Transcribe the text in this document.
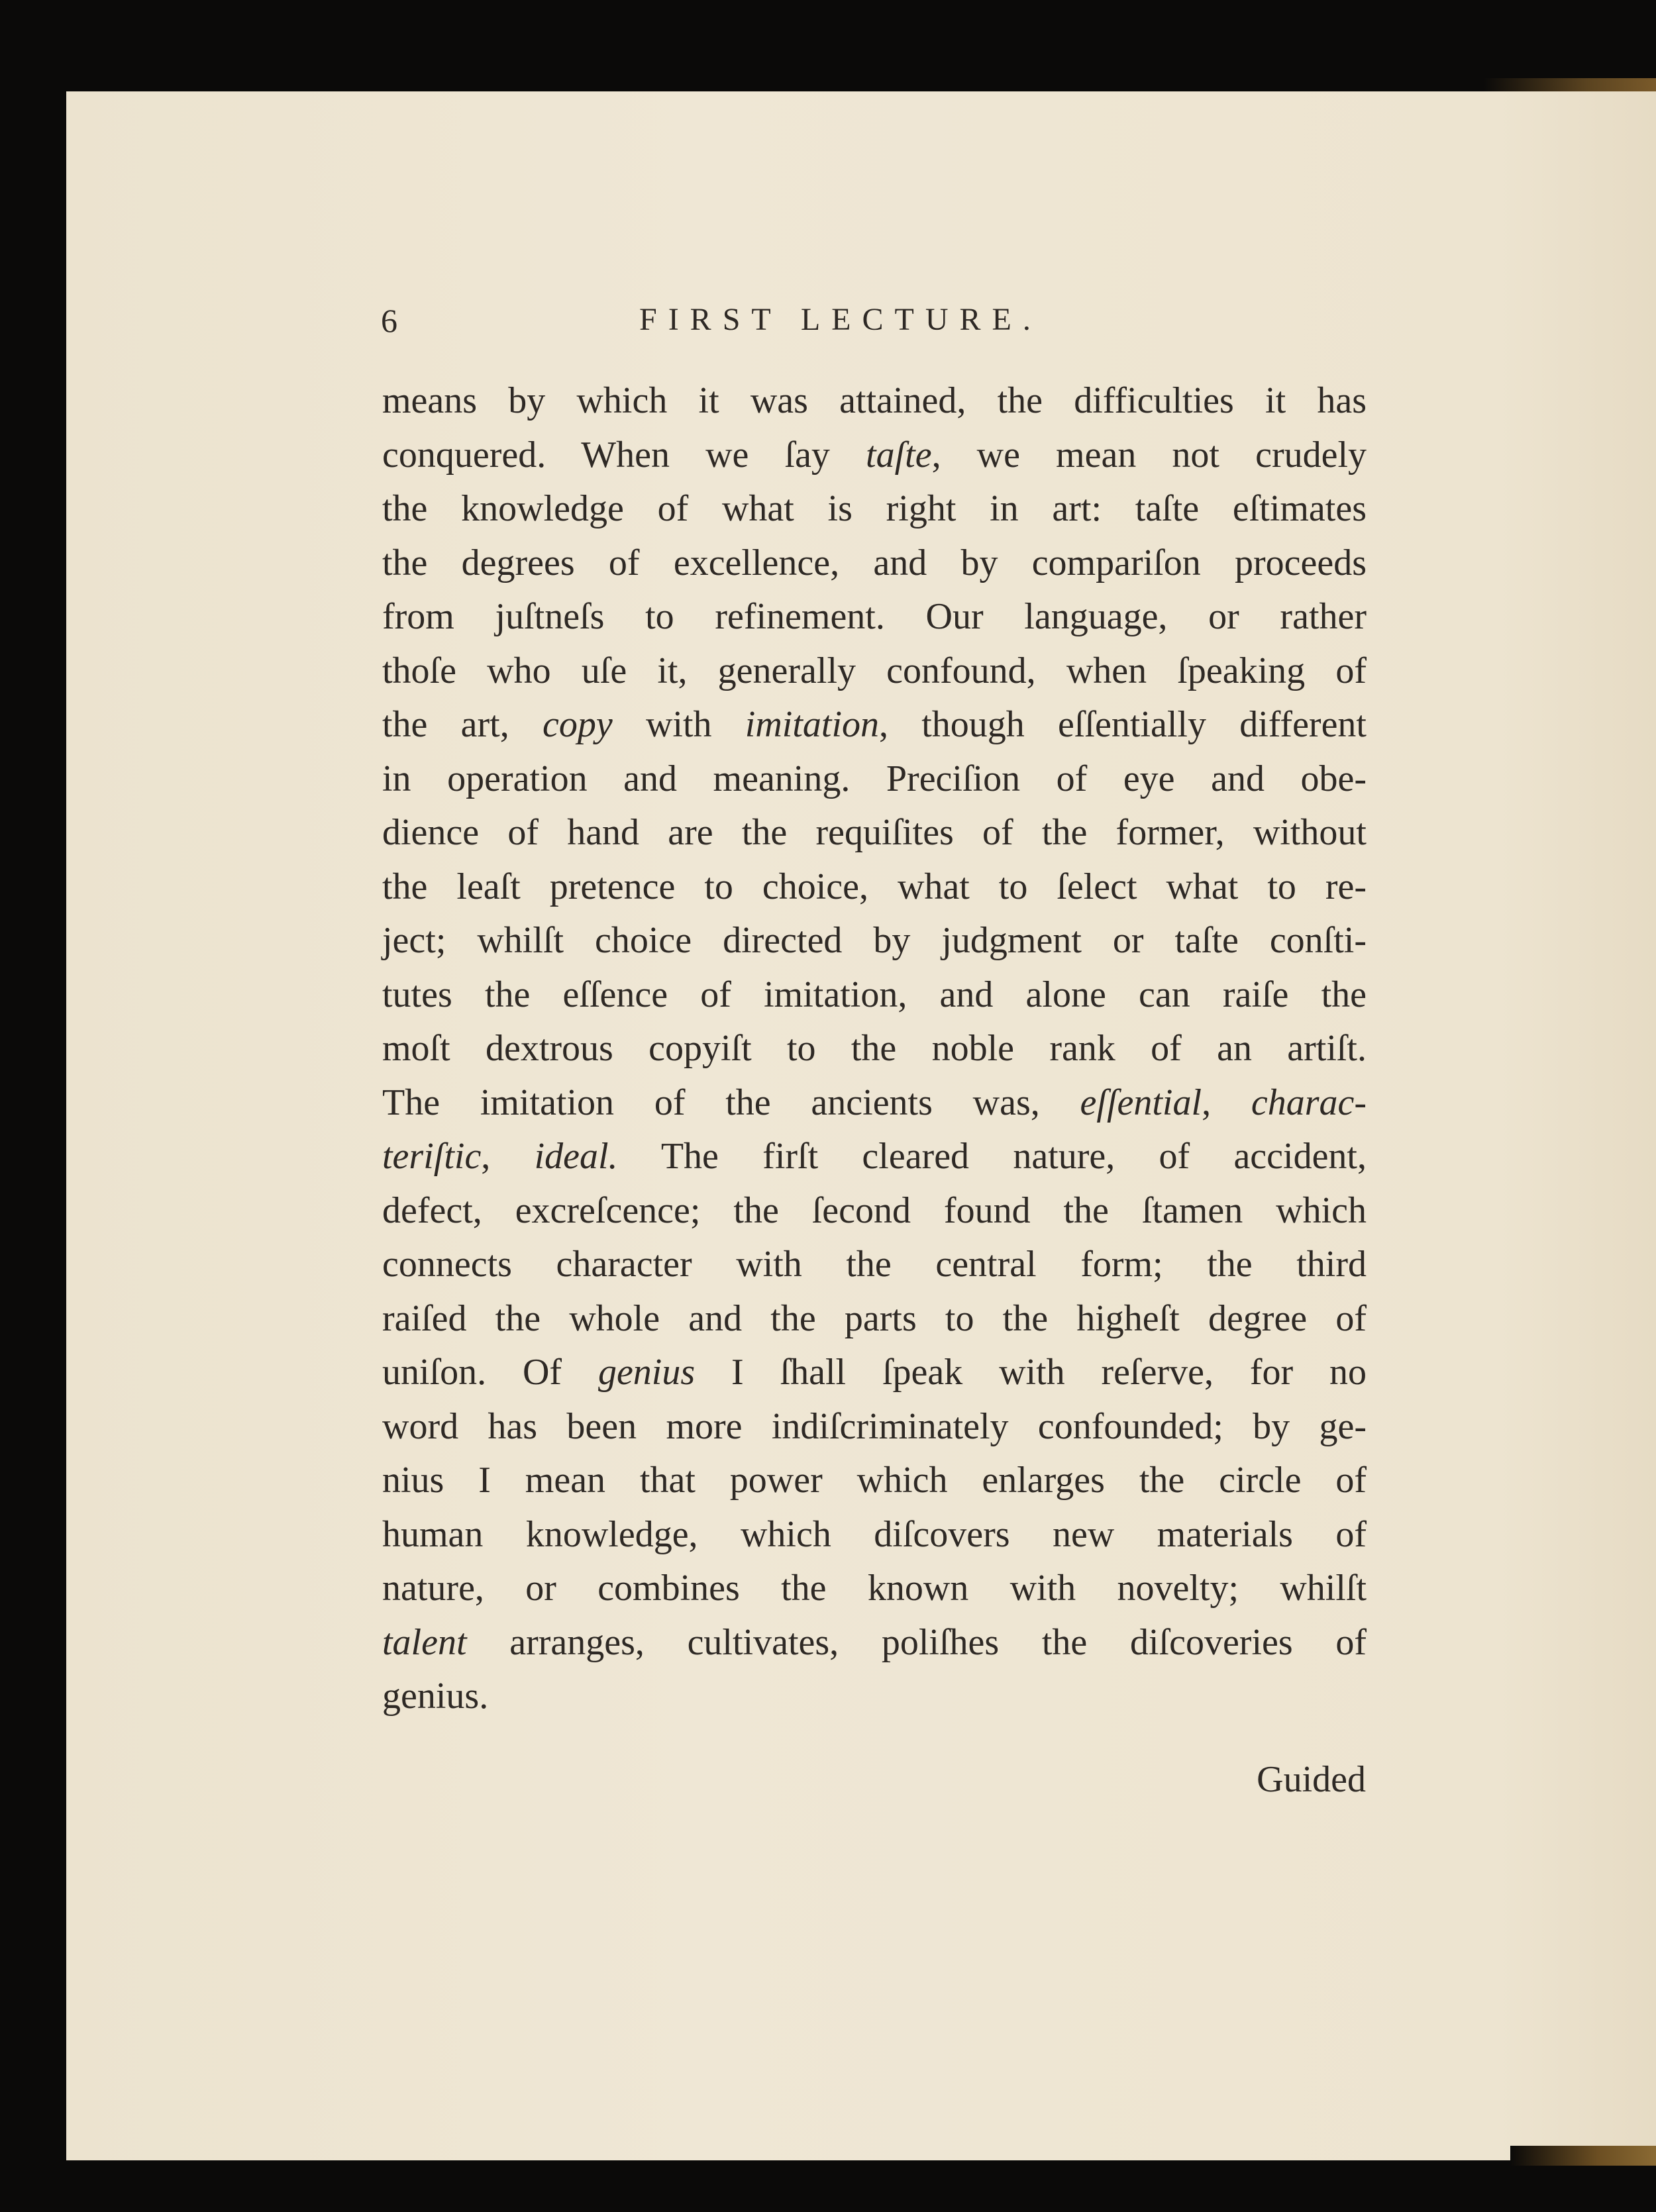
6	FIRST LECTURE.
means by which it was attained, the difficulties it has
conquered. When we ſay taſte, we mean not crudely
the knowledge of what is right in art: taſte eſtimates
the degrees of excellence, and by compariſon proceeds
from juſtneſs to refinement. Our language, or rather
thoſe who uſe it, generally confound, when ſpeaking of
the art, copy with imitation, though eſſentially different
in operation and meaning. Preciſion of eye and obe-
dience of hand are the requiſites of the former, without
the leaſt pretence to choice, what to ſelect what to re-
ject; whilſt choice directed by judgment or taſte conſti-
tutes the eſſence of imitation, and alone can raiſe the
moſt dextrous copyiſt to the noble rank of an artiſt.
The imitation of the ancients was, eſſential, charac-
teriſtic, ideal. The firſt cleared nature, of accident,
defect, excreſcence; the ſecond found the ſtamen which
connects character with the central form; the third
raiſed the whole and the parts to the higheſt degree of
uniſon. Of genius I ſhall ſpeak with reſerve, for no
word has been more indiſcriminately confounded; by ge-
nius I mean that power which enlarges the circle of
human knowledge, which diſcovers new materials of
nature, or combines the known with novelty; whilſt
talent arranges, cultivates, poliſhes the diſcoveries of
genius.
Guided
